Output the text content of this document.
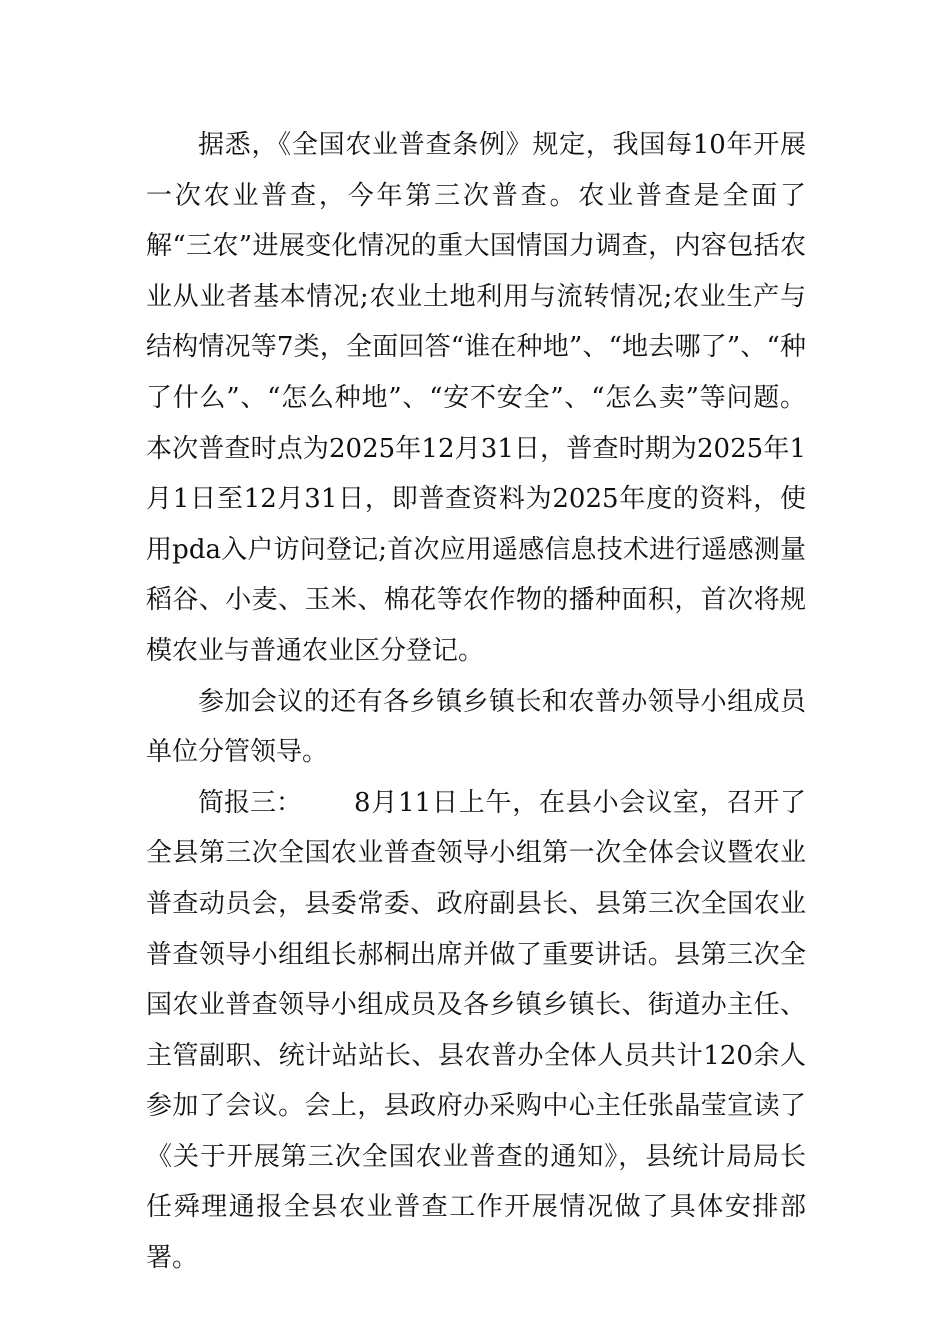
据悉，《全国农业普查条例》规定，我国每10年开展一次农业普查，今年第三次普查。农业普查是全面了解“三农”进展变化情况的重大国情国力调查，内容包括农业从业者基本情况;农业土地利用与流转情况;农业生产与结构情况等7类，全面回答“谁在种地”、“地去哪了”、“种了什么”、“怎么种地”、“安不安全”、“怎么卖”等问题。本次普查时点为2025年12月31日，普查时期为2025年1月1日至12月31日，即普查资料为2025年度的资料，使用pda入户访问登记;首次应用遥感信息技术进行遥感测量稻谷、小麦、玉米、棉花等农作物的播种面积，首次将规模农业与普通农业区分登记。

参加会议的还有各乡镇乡镇长和农普办领导小组成员单位分管领导。

简报三： 8月11日上午，在县小会议室，召开了全县第三次全国农业普查领导小组第一次全体会议暨农业普查动员会，县委常委、政府副县长、县第三次全国农业普查领导小组组长郝桐出席并做了重要讲话。县第三次全国农业普查领导小组成员及各乡镇乡镇长、街道办主任、主管副职、统计站站长、县农普办全体人员共计120余人参加了会议。会上，县政府办采购中心主任张晶莹宣读了《关于开展第三次全国农业普查的通知》，县统计局局长任舜理通报全县农业普查工作开展情况做了具体安排部署。
